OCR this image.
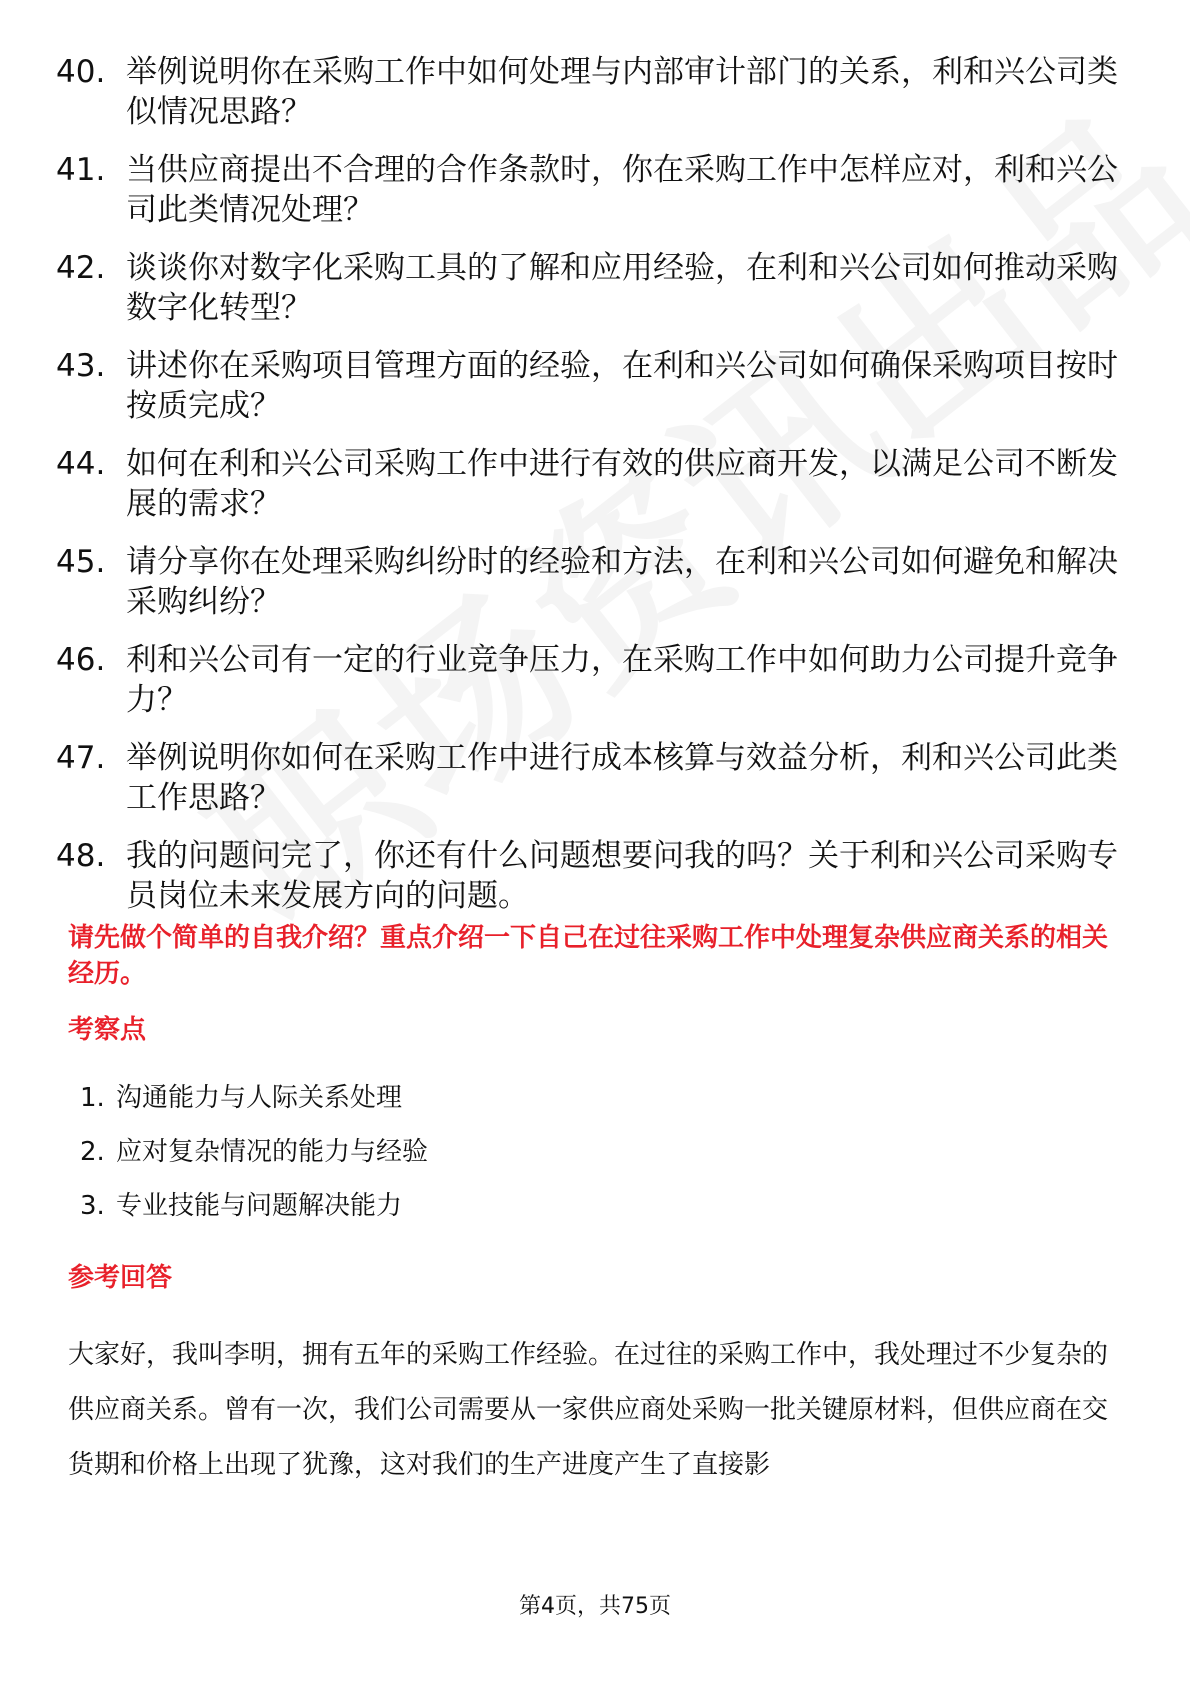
40. 举例说明你在采购工作中如何处理与内部审计部门的关系，利和兴公司类似情况思路？
41. 当供应商提出不合理的合作条款时，你在采购工作中怎样应对，利和兴公司此类情况处理？
42. 谈谈你对数字化采购工具的了解和应用经验，在利和兴公司如何推动采购数字化转型？
43. 讲述你在采购项目管理方面的经验，在利和兴公司如何确保采购项目按时按质完成？
44. 如何在利和兴公司采购工作中进行有效的供应商开发，以满足公司不断发展的需求？
45. 请分享你在处理采购纠纷时的经验和方法，在利和兴公司如何避免和解决采购纠纷？
46. 利和兴公司有一定的行业竞争压力，在采购工作中如何助力公司提升竞争力？
47. 举例说明你如何在采购工作中进行成本核算与效益分析，利和兴公司此类工作思路？
48. 我的问题问完了，你还有什么问题想要问我的吗？关于利和兴公司采购专员岗位未来发展方向的问题。
请先做个简单的自我介绍？重点介绍一下自己在过往采购工作中处理复杂供应商关系的相关经历。
考察点
1. 沟通能力与人际关系处理
2. 应对复杂情况的能力与经验
3. 专业技能与问题解决能力
参考回答

大家好，我叫李明，拥有五年的采购工作经验。在过往的采购工作中，我处理过不少复杂的供应商关系。曾有一次，我们公司需要从一家供应商处采购一批关键原材料，但供应商在交货期和价格上出现了犹豫，这对我们的生产进度产生了直接影

第4页，共75页
